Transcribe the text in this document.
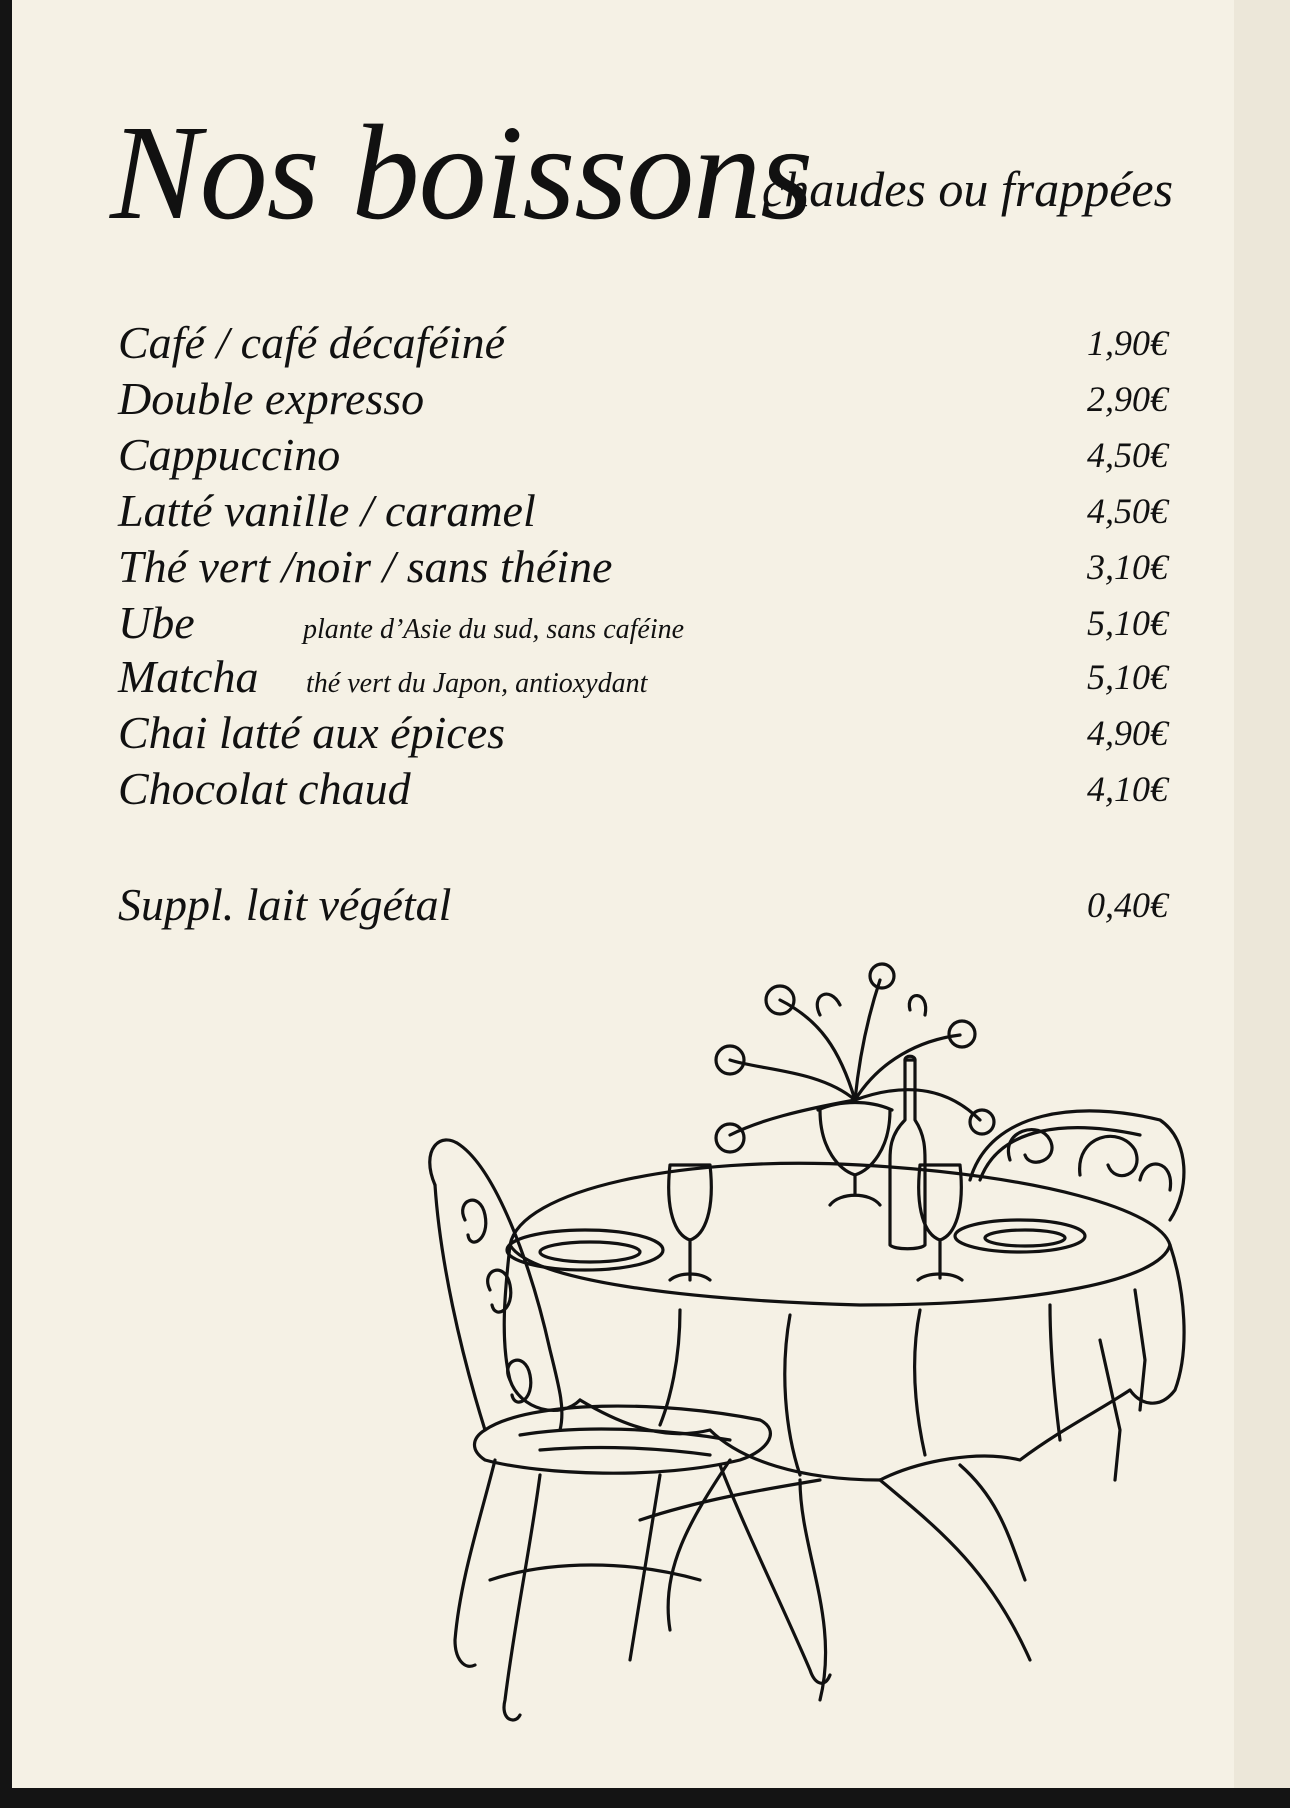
Nos boissons
chaudes ou frappées
Café / café décaféiné	1,90€
Double expresso	2,90€
Cappuccino	4,50€
Latté vanille / caramel	4,50€
Thé vert /noir / sans théine	3,10€
Ube	plante d’Asie du sud, sans caféine	5,10€
Matcha thé vert du Japon, antioxydant	5,10€
Chai latté aux épices	4,90€
Chocolat chaud	4,10€
Suppl. lait végétal	0,40€
